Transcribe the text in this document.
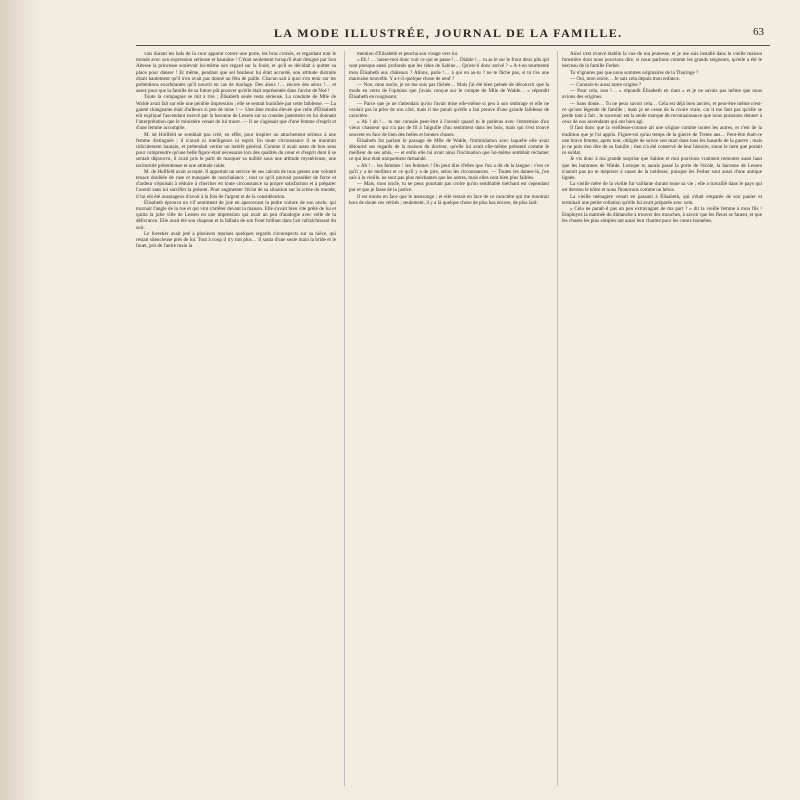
LA MODE ILLUSTRÉE, JOURNAL DE LA FAMILLE.	63

vais durant les bals de la cour apparut contre une porte, les bras croisés, et regardant tout le monde avec son expression sérieuse et hautaine ! C'était seulement lorsqu'il était désigné par Son Altesse la princesse soulevait lui-même son regard sur la foule, et qu'il se décidait à quitter sa place pour danser ! Et même, pendant que sel bonheur lui était accordé, son attitude distraite disait hautement qu'il n'en avait pas donné un fétu de paille. Chacun sait à quoi s'en tenir sur les prétentions exorbitantes qu'il nourrit en cas de mariage. Des aïeux !… encore des aïeux !… et assez pour que la famille de sa future pût prouver qu'elle était représentée dans l'arche de Noé !

Toute la compagnie se mit à rire ; Élisabeth seule resta sérieuse. La conduite de Mlle de Walde avait fait sur elle une pénible impression ; elle se sentait humiliée par cette faiblesse. — La gaieté changeante était d'ailleurs si peu de mise ! — Une âme moins élevée que celle d'Élisabeth eût expliqué l'ascendant exercé par la baronne de Lessen sur sa cousine justement en lui donnant l'interprétation que le ministère venait de lui tracer. — Il ne s'agissait que d'une femme d'esprit et d'une femme accomplie.

M. de Hollfeld se semblait pas créé, en effet, pour inspirer un attachement sérieux à une femme distinguée ; il n'avait ni intelligence ni esprit. En toute circonstance il se montrait ridiculement hautain, et prétendait vertier un intérêt général. Comme il avait assez de bon sens pour comprendre qu'une belle figure était nécessaire lors des qualités du cœur et d'esprit dont il se sentait dépourvu, il avait pris le parti de masquer sa nullité sous une attitude mystérieuse, une taciturnité prétentieuse et une attitude raide.

M. de Hollfeld avait accepté. Il apportait un service de ses calculs de tous genres une volonté tenace doublée de ruse et masquée de nonchalance ; tout ce qu'il pouvait posséder de force et d'ardeur s'épuisait à réduire à chercher en toute circonstance sa propre satisfaction et à préparer l'avenir sans lui sacrifier la présent. Pour augmenter l'éclat de sa situation sur la scène du monde, il lui eût été avantageux d'avoir à la fois de l'argent et de la considération.

Élisabeth éprouva un vif sentiment de joie en apercevant la petite voiture de son oncle, qui tournait l'angle de la rue et qui vint s'arrêter devant la maison. Elle s'avait bien vite prêté de lui et quitta la jolie ville de Lessen en une impression qui avait un peu d'analogie avec celle de la délivrance. Elle avait été son chapeau et la falbala de son front brillant dans l'air rafraîchissant du soir.

Le forestier avait jeté à plusieurs reprises quelques regards circonspects sur sa nièce, qui restait silencieuse près de lui. Tout à coup il n'y tint plus… Il sauta d'une seule main la bride et le fouet, prit de l'autre main la

mention d'Élisabeth et pencha son visage vers lui.

« Eh ! … laisse-moi donc voir ce qui se passe !… Diable !… tu as le sur le front deux plis qui sont presque aussi profonds que les rides de Sabine… Qu'est-il donc arrivé ? » A-t-on tourmenté mon Élisabeth aux châteaux ? Allons, parle !… à qui en as-tu ? ne te fâche pas, si tu t'es une mauvaise nouvelle. Y a-t-il quelque chose de neuf ?

— Non, mon oncle, je ne me suis pas fâchée… Mais j'ai été bien peinée de découvrir que la mode en vertu de l'opinion que j'avais conçue sur le compte de Mlle de Walde… » répondit Élisabeth en rougissant.

— Parce que je ne t'attendais qu'on l'avait mise elle-même si peu à son ombrage et elle ne voulait pas la prier de son côté, mais il me paraît qu'elle a fait preuve d'une grande faiblesse de caractère.

« Ah ! ah !… tu me connais peut-être à l'avenir quand tu le parleras avec l'entremise d'un vieux chasseur qui n'a pas de fil à l'aiguille d'un sentiment dans les bois, mais qui s'est trouvé souvent en face de bien des belles et bonnes choses.

Élisabeth fut parlant le passage de Mlle de Walde, l'intimidation avec laquelle elle avait détourné ses regards de la maison du docteur, qu'elle lui avait elle-même présenté comme le meilleur de ses amis, — et enfin elle lui avait ainsi l'inclination que lui-même semblait réclamer ce qui leur était uniquement demandé.

« Ah !… les femmes ! les femmes ! On peut dire d'elles que l'on a dit de la langue : c'est ce qu'il y a de meilleur et ce qu'il y a de pire, selon les circonstances. — Toutes les dames-là, j'en sais à la vieille, ne sont pas plus méchantes que les autres, mais elles sont bien plus faibles.

— Mais, mon oncle, tu ne peux pourtant pas croire qu'un semblable méchant est cependant pur et que je fasse de la justice.

Il est moins en face que le mensonge ; et elle restait en face de ce caractère qui me montrait hors de doute ces vérités ; seulement, il y a là quelque chose de plus bas encore, de plus laid.

Ainsi s'est trouvé établie la vue de ma jeunesse, et je me suis installé dans la vieille maison forestière dont nous pouvions dire, si nous parlions comme les grands seigneurs, qu'elle a été le berceau de la famille Ferber.

Tu n'ignores pas que nous sommes originaires de la Thuringe ?

— Oui, mon oncle… Je sais cela depuis mon enfance.

— Connais-tu aussi notre origine ?

— Pour cela, non !… » répondit Élisabeth en riant « et je ne savais pas même que nous avions des origines.

— Sans doute… Tu ne peux savoir cela… Cela est déjà bien ancien, et peut-être même n'est-ce qu'une légende de famille ; mais je ne cesse de la croire vraie, car il me faut pas qu'elle se perde tout à fait ; le souvenir est la seule marque de reconnaissance que nous puissions donner à ceux de nos ascendants qui ont bien agi.

Il faut donc que la vieillesse-connue ait une origine comme toutes les autres, et c'est de la tradition que je l'ai appris. Figure-toi qu'au temps de la guerre de Trente ans… Peut-être était-ce une brave femme, après tout, obligée de suivre son mari dans tous les hasards de la guerre ; mais je ne puis rien dire de sa famille ; rien n'a été conservé de leur histoire, sinon le nom que portait ce soldat.

Je vis donc à ma grande surprise que Sabine et moi pouvions vraiment remonter aussi haut que les baronnes de Walde. Lorsque tu aurais passé la porte de l'école, la baronne de Lessen n'aurait pas pu te mépriser à cause de la noblesse, puisque les Ferber sont aussi d'une antique lignée.

La vieille mère de la vieille fut vaillante durant toute sa vie ; elle a travaillé dans le pays qui est devenu le nôtre et nous l'honorons comme un héros.

La vieille ménagère venait en passant à Élisabeth, qui s'était emparée de son panier et terminait une petite collation qu'elle lui avait préparée avec soin.

« Cela ne paraît-il pas un peu extravagant de ma part ? » dit la vieille femme à mon fils ! Employez la matinée du dimanche à trouver des mouches, à savoir que les fleurs se fanent, et que les choses les plus simples ont aussi leur charme pour les cœurs honnêtes.
